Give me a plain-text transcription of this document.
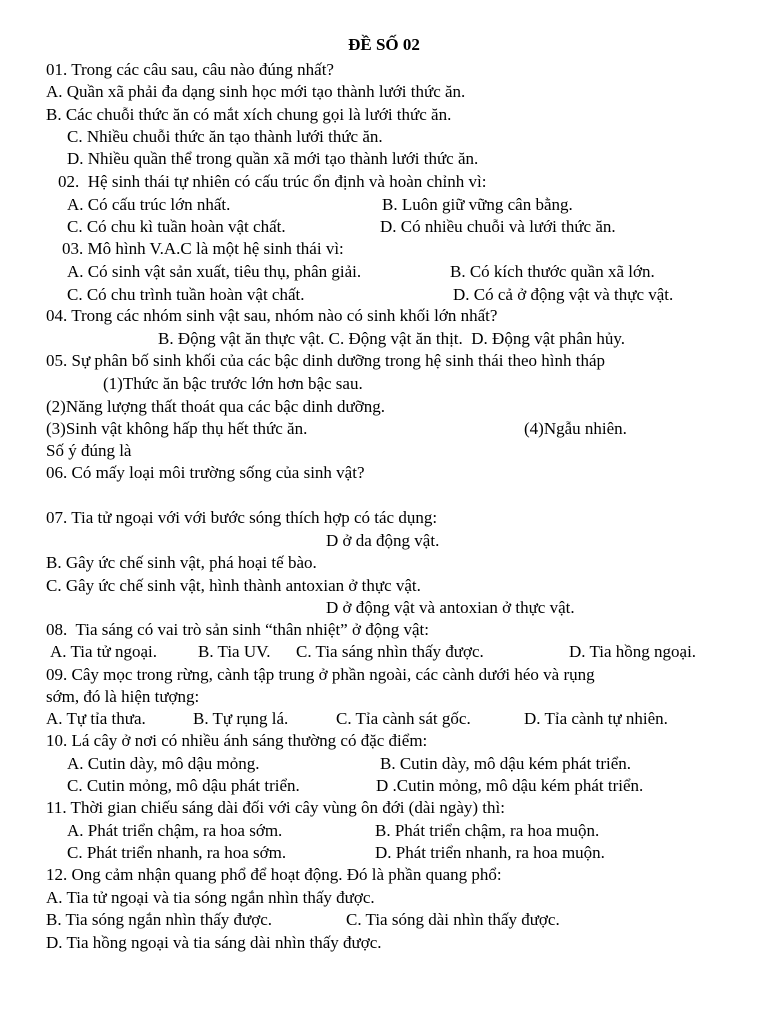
ĐỀ SỐ 02
01. Trong các câu sau, câu nào đúng nhất?
A. Quần xã phải đa dạng sinh học mới tạo thành lưới thức ăn.
B. Các chuỗi thức ăn có mắt xích chung gọi là lưới thức ăn.
C. Nhiều chuỗi thức ăn tạo thành lưới thức ăn.
D. Nhiều quần thể trong quần xã mới tạo thành lưới thức ăn.
02.  Hệ sinh thái tự nhiên có cấu trúc ổn định và hoàn chỉnh vì:
A. Có cấu trúc lớn nhất.	B. Luôn giữ vững cân bằng.
C. Có chu kì tuần hoàn vật chất.	D. Có nhiều chuỗi và lưới thức ăn.
03. Mô hình V.A.C là một hệ sinh thái vì:
A. Có sinh vật sản xuất, tiêu thụ, phân giải.	B. Có kích thước quần xã lớn.
C. Có chu trình tuần hoàn vật chất.	D. Có cả ở động vật và thực vật.
04. Trong các nhóm sinh vật sau, nhóm nào có sinh khối lớn nhất?
B. Động vật ăn thực vật. C. Động vật ăn thịt.  D. Động vật phân hủy.
05. Sự phân bố sinh khối của các bậc dinh dưỡng trong hệ sinh thái theo hình tháp
(1)Thức ăn bậc trước lớn hơn bậc sau.
(2)Năng lượng thất thoát qua các bậc dinh dưỡng.
(3)Sinh vật không hấp thụ hết thức ăn.	(4)Ngẫu nhiên.
Số ý đúng là
06. Có mấy loại môi trường sống của sinh vật?
07. Tia tử ngoại với với bước sóng thích hợp có tác dụng:
D ở da động vật.
B. Gây ức chế sinh vật, phá hoại tế bào.
C. Gây ức chế sinh vật, hình thành antoxian ở thực vật.
D ở động vật và antoxian ở thực vật.
08.  Tia sáng có vai trò sản sinh “thân nhiệt” ở động vật:
A. Tia tử ngoại. B. Tia UV. C. Tia sáng nhìn thấy được.	D. Tia hồng ngoại.
09. Cây mọc trong rừng, cành tập trung ở phần ngoài, các cành dưới héo và rụng
sớm, đó là hiện tượng:
A. Tự tỉa thưa.	B. Tự rụng lá.	C. Tỉa cành sát gốc.	D. Tỉa cành tự nhiên.
10. Lá cây ở nơi có nhiều ánh sáng thường có đặc điểm:
A. Cutin dày, mô dậu mỏng.	B. Cutin dày, mô dậu kém phát triển.
C. Cutin mỏng, mô dậu phát triển.	D .Cutin mỏng, mô dậu kém phát triển.
11. Thời gian chiếu sáng dài đối với cây vùng ôn đới (dài ngày) thì:
A. Phát triển chậm, ra hoa sớm.	B. Phát triển chậm, ra hoa muộn.
C. Phát triển nhanh, ra hoa sớm.	D. Phát triển nhanh, ra hoa muộn.
12. Ong cảm nhận quang phổ để hoạt động. Đó là phần quang phổ:
A. Tia tử ngoại và tia sóng ngắn nhìn thấy được.
B. Tia sóng ngắn nhìn thấy được.	C. Tia sóng dài nhìn thấy được.
D. Tia hồng ngoại và tia sáng dài nhìn thấy được.
